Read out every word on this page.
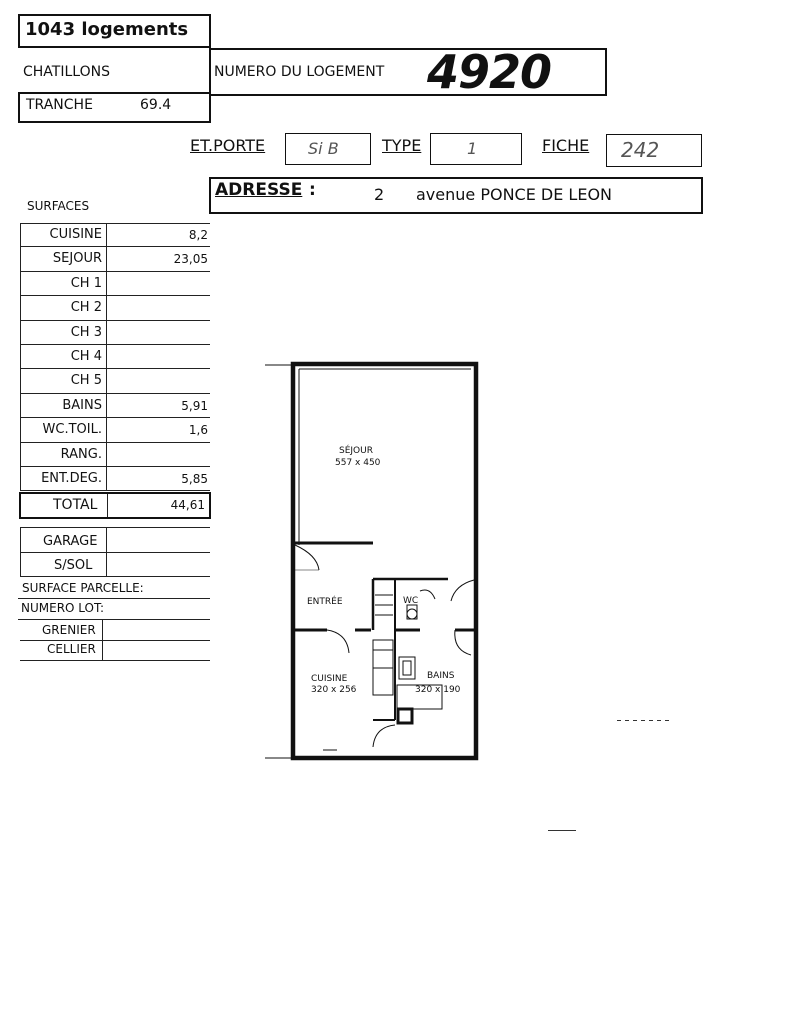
1043 logements
CHATILLONS
TRANCHE	69.4
NUMERO DU LOGEMENT 4920
ET.PORTE	Si B	TYPE	1	FICHE 242
ADRESSE :	2 avenue PONCE DE LEON
SURFACES
CUISINE	8,2
SEJOUR	23,05
CH 1
CH 2
CH 3
CH 4
CH 5
BAINS	5,91
WC.TOIL.	1,6
RANG.
ENT.DEG.	5,85
TOTAL	44,61
GARAGE
S/SOL
SURFACE PARCELLE:
NUMERO LOT:
GRENIER
CELLIER
SÉJOUR
557 x 450
ENTRÉE	WC
CUISINE
320 x 256
BAINS
320 x 190
